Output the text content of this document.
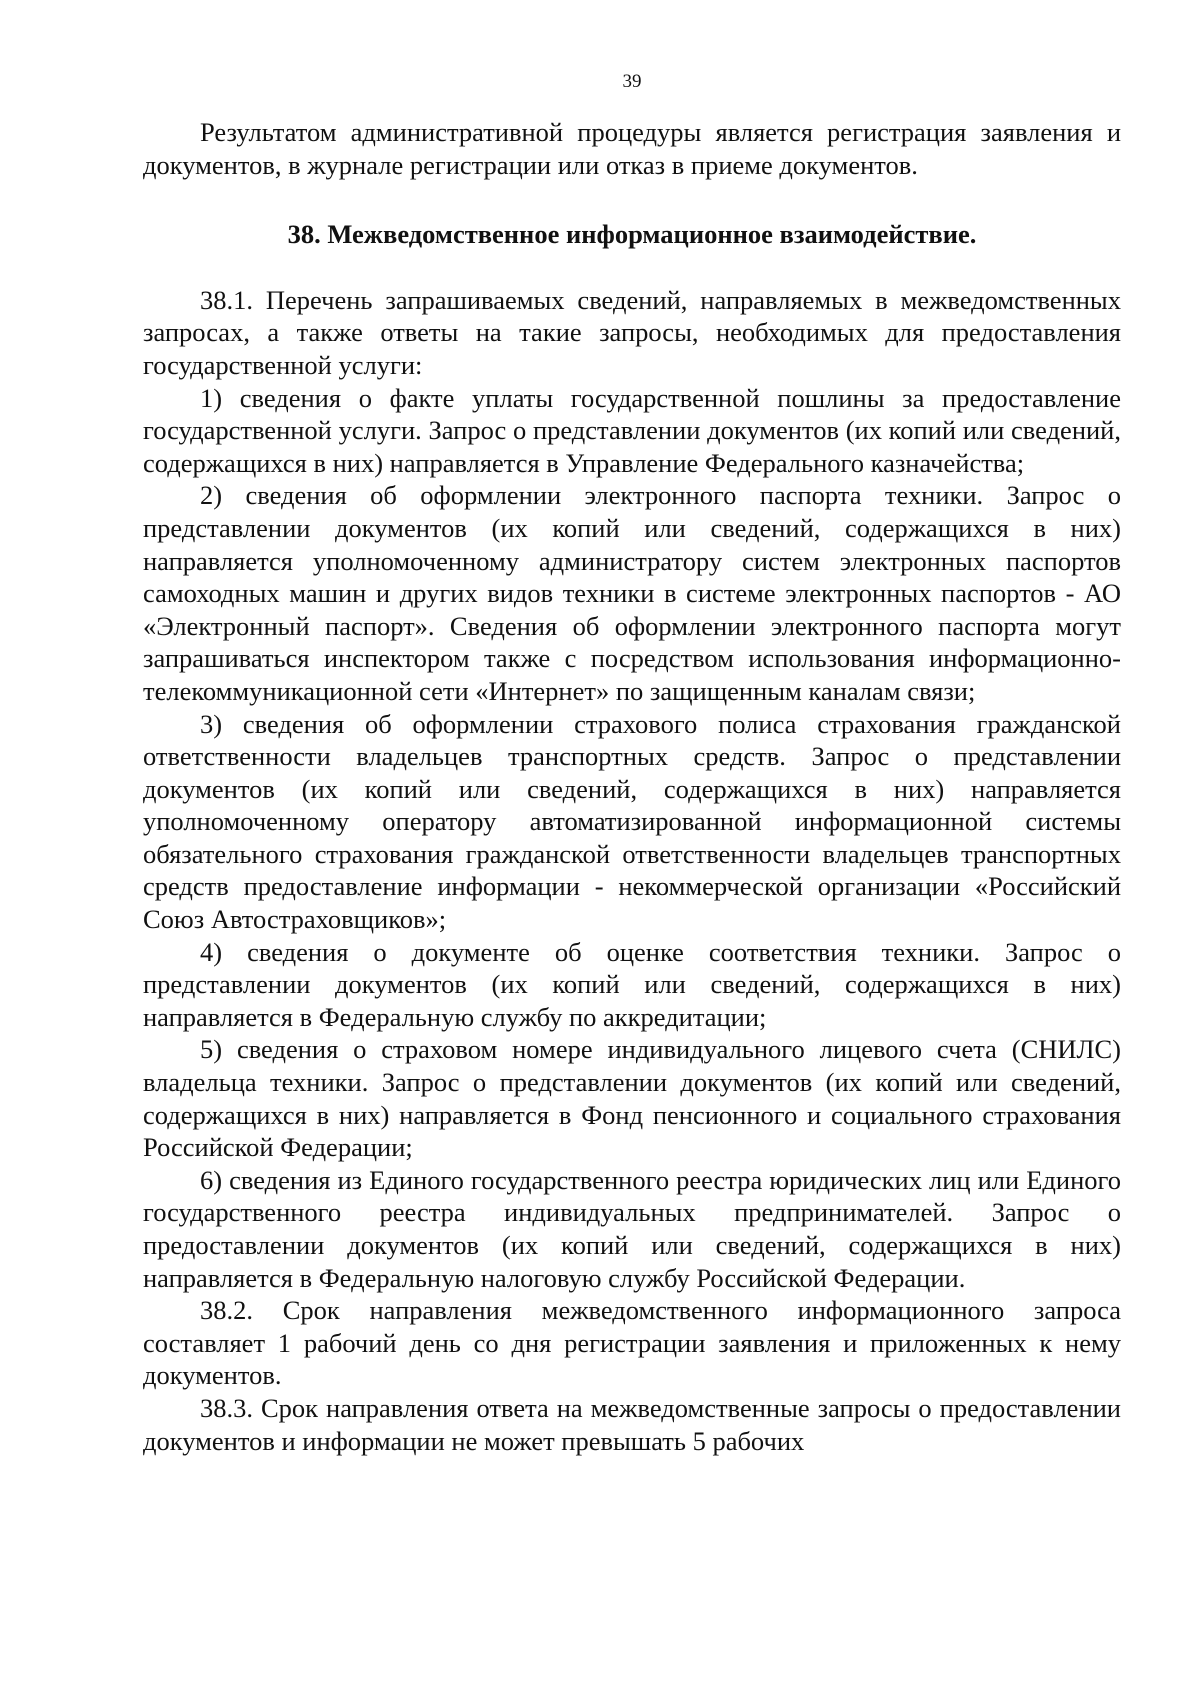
39

Результатом административной процедуры является регистрация заявления и документов, в журнале регистрации или отказ в приеме документов.

38. Межведомственное информационное взаимодействие.

38.1. Перечень запрашиваемых сведений, направляемых в межведомственных запросах, а также ответы на такие запросы, необходимых для предоставления государственной услуги:

1) сведения о факте уплаты государственной пошлины за предоставление государственной услуги. Запрос о представлении документов (их копий или сведений, содержащихся в них) направляется в Управление Федерального казначейства;

2) сведения об оформлении электронного паспорта техники. Запрос о представлении документов (их копий или сведений, содержащихся в них) направляется уполномоченному администратору систем электронных паспортов самоходных машин и других видов техники в системе электронных паспортов - АО «Электронный паспорт». Сведения об оформлении электронного паспорта могут запрашиваться инспектором также с посредством использования информационно-телекоммуникационной сети «Интернет» по защищенным каналам связи;

3) сведения об оформлении страхового полиса страхования гражданской ответственности владельцев транспортных средств. Запрос о представлении документов (их копий или сведений, содержащихся в них) направляется уполномоченному оператору автоматизированной информационной системы обязательного страхования гражданской ответственности владельцев транспортных средств предоставление информации - некоммерческой организации «Российский Союз Автостраховщиков»;

4) сведения о документе об оценке соответствия техники. Запрос о представлении документов (их копий или сведений, содержащихся в них) направляется в Федеральную службу по аккредитации;

5) сведения о страховом номере индивидуального лицевого счета (СНИЛС) владельца техники. Запрос о представлении документов (их копий или сведений, содержащихся в них) направляется в Фонд пенсионного и социального страхования Российской Федерации;

6) сведения из Единого государственного реестра юридических лиц или Единого государственного реестра индивидуальных предпринимателей. Запрос о предоставлении документов (их копий или сведений, содержащихся в них) направляется в Федеральную налоговую службу Российской Федерации.

38.2. Срок направления межведомственного информационного запроса составляет 1 рабочий день со дня регистрации заявления и приложенных к нему документов.

38.3. Срок направления ответа на межведомственные запросы о предоставлении документов и информации не может превышать 5 рабочих
